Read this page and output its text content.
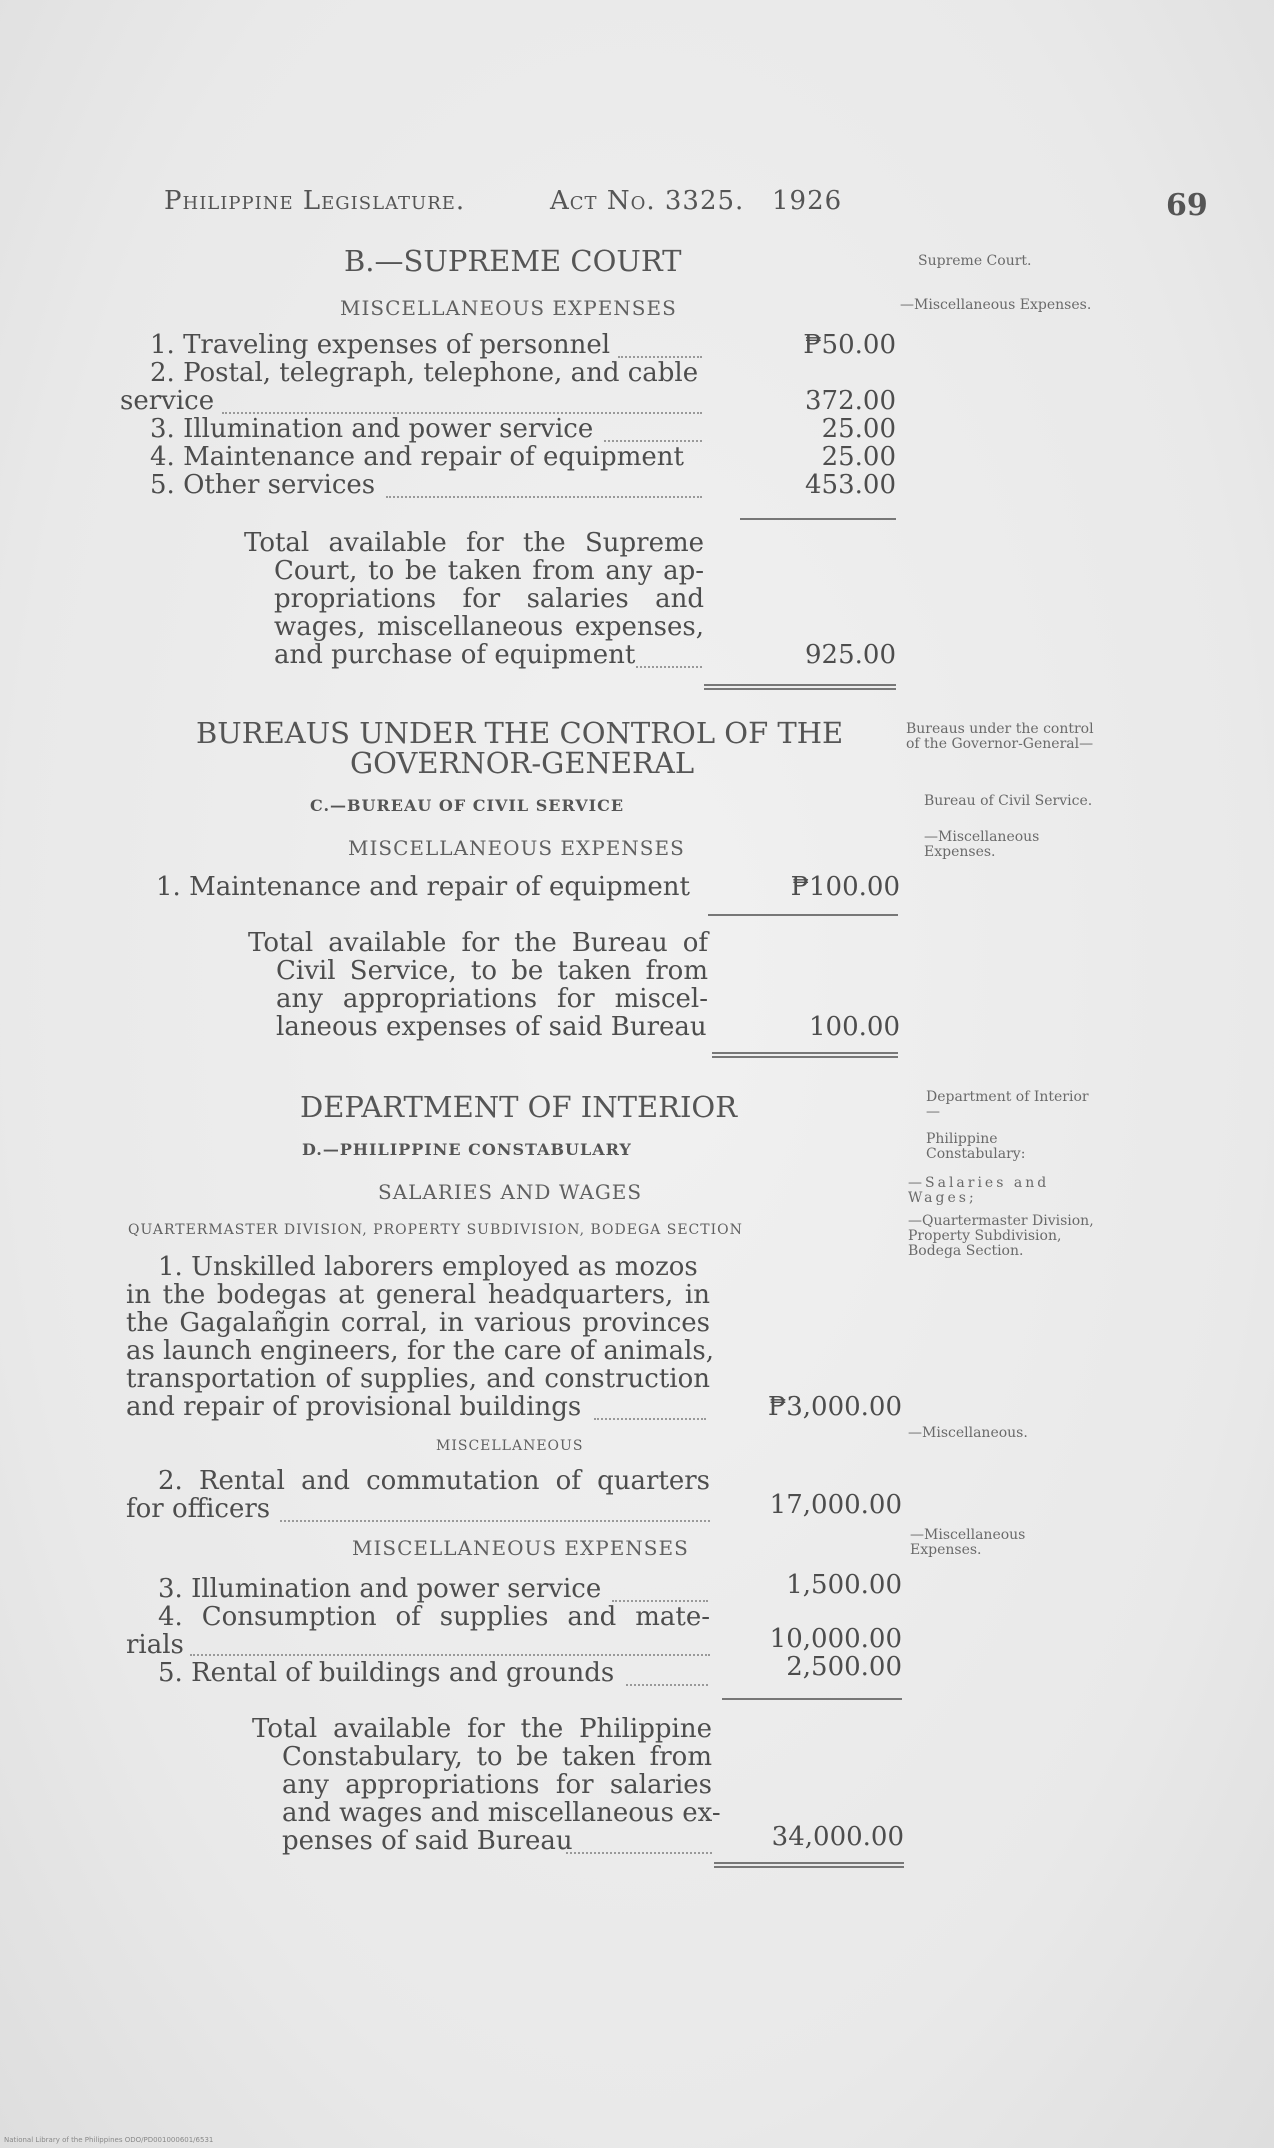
Philippine Legislature.	Act No. 3325. 1926	69
B.—SUPREME COURT
MISCELLANEOUS EXPENSES
1. Traveling expenses of personnel	₱50.00
2. Postal, telegraph, telephone, and cable
service	372.00
3. Illumination and power service	25.00
4. Maintenance and repair of equipment	25.00
5. Other services	453.00
Total available for the Supreme
Court, to be taken from any ap-
propriations for salaries and
wages, miscellaneous expenses,
and purchase of equipment	925.00
BUREAUS UNDER THE CONTROL OF THE
GOVERNOR-GENERAL
C.—BUREAU OF CIVIL SERVICE
MISCELLANEOUS EXPENSES
1. Maintenance and repair of equipment	₱100.00
Total available for the Bureau of
Civil Service, to be taken from
any appropriations for miscel-
laneous expenses of said Bureau	100.00
DEPARTMENT OF INTERIOR
D.—PHILIPPINE CONSTABULARY
SALARIES AND WAGES
QUARTERMASTER DIVISION, PROPERTY SUBDIVISION, BODEGA SECTION
1. Unskilled laborers employed as mozos
in the bodegas at general headquarters, in
the Gagalañgin corral, in various provinces
as launch engineers, for the care of animals,
transportation of supplies, and construction
and repair of provisional buildings	₱3,000.00
MISCELLANEOUS
2. Rental and commutation of quarters
for officers	17,000.00
MISCELLANEOUS EXPENSES
3. Illumination and power service	1,500.00
4. Consumption of supplies and mate-
rials	10,000.00
5. Rental of buildings and grounds	2,500.00
Total available for the Philippine
Constabulary, to be taken from
any appropriations for salaries
and wages and miscellaneous ex-
penses of said Bureau	34,000.00
Supreme Court.
—Miscellaneous Expenses.
Bureaus under the control of the Governor-General—
Bureau of Civil Service.
—Miscellaneous Expenses.
Department of Interior—
Philippine Constabulary:
—Salaries and Wages;
—Quartermaster Division, Property Subdivision, Bodega Section.
—Miscellaneous.
—Miscellaneous Expenses.
National Library of the Philippines ODO/PD001000601/6531
